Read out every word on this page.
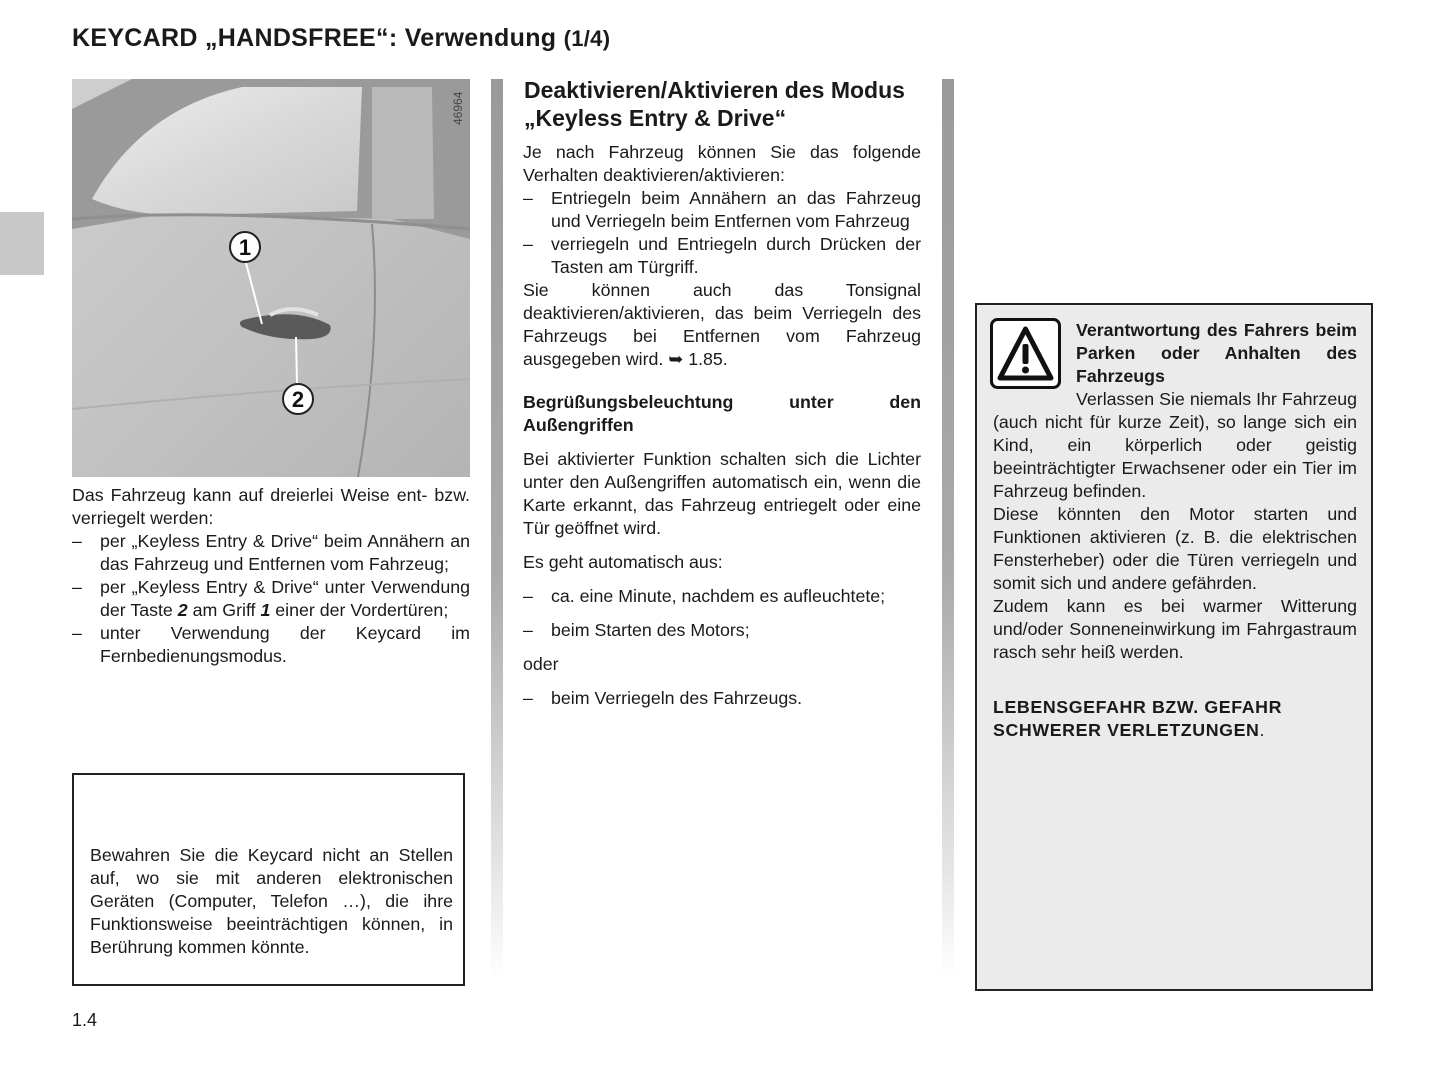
KEYCARD „HANDSFREE“: Verwendung (1/4)
1
2
46964

Das Fahrzeug kann auf dreierlei Weise ent- bzw. verriegelt werden:

–	per „Keyless Entry & Drive“ beim Annähern an das Fahrzeug und Entfernen vom Fahrzeug;
–	per „Keyless Entry & Drive“ unter Verwendung der Taste 2 am Griff 1 einer der Vordertüren;
–	unter Verwendung der Keycard im Fernbedienungsmodus.

Bewahren Sie die Keycard nicht an Stellen auf, wo sie mit anderen elektronischen Geräten (Computer, Telefon …), die ihre Funktionsweise beeinträchtigen können, in Berührung kommen könnte.

Deaktivieren/Aktivieren des Modus „Keyless Entry & Drive“

Je nach Fahrzeug können Sie das folgende Verhalten deaktivieren/aktivieren:

–	Entriegeln beim Annähern an das Fahrzeug und Verriegeln beim Entfernen vom Fahrzeug
–	verriegeln und Entriegeln durch Drücken der Tasten am Türgriff.

Sie können auch das Tonsignal deaktivieren/aktivieren, das beim Verriegeln des Fahrzeugs bei Entfernen vom Fahrzeug ausgegeben wird. ➥ 1.85.

Begrüßungsbeleuchtung unter den Außengriffen

Bei aktivierter Funktion schalten sich die Lichter unter den Außengriffen automatisch ein, wenn die Karte erkannt, das Fahrzeug entriegelt oder eine Tür geöffnet wird.

Es geht automatisch aus:

–	ca. eine Minute, nachdem es aufleuchtete;
–	beim Starten des Motors;

oder

–	beim Verriegeln des Fahrzeugs.
Verantwortung des Fahrers beim Parken oder Anhalten des Fahrzeugs

Verlassen Sie niemals Ihr Fahrzeug (auch nicht für kurze Zeit), so lange sich ein Kind, ein körperlich oder geistig beeinträchtigter Erwachsener oder ein Tier im Fahrzeug befinden.

Diese könnten den Motor starten und Funktionen aktivieren (z. B. die elektrischen Fensterheber) oder die Türen verriegeln und somit sich und andere gefährden.

Zudem kann es bei warmer Witterung und/oder Sonneneinwirkung im Fahrgastraum rasch sehr heiß werden.

LEBENSGEFAHR BZW. GEFAHR SCHWERER VERLETZUNGEN.
1.4
